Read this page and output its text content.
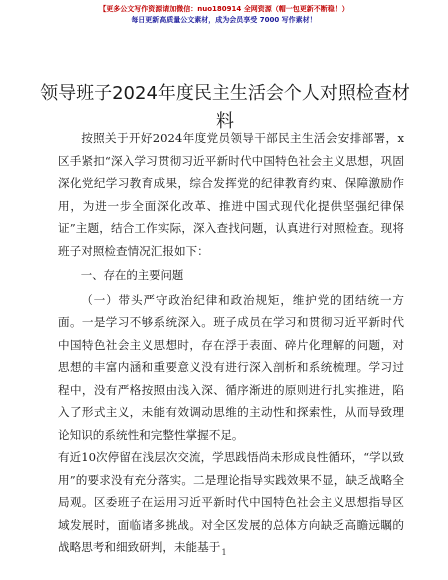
【更多公文写作资源请加微信：nuo180914 全网资源（帽一包更新不断稳！）
每日更新高质量公文素材，成为会员享受 7000 写作素材！
领导班子2024年度民主生活会个人对照检查材料

按照关于开好2024年度党员领导干部民主生活会安排部署，x区手紧扣“深入学习贯彻习近平新时代中国特色社会主义思想，巩固深化党纪学习教育成果，综合发挥党的纪律教育约束、保障激励作用，为进一步全面深化改革、推进中国式现代化提供坚强纪律保证”主题，结合工作实际，深入查找问题，认真进行对照检查。现将班子对照检查情况汇报如下：

一、存在的主要问题

（一）带头严守政治纪律和政治规矩，维护党的团结统一方面。一是学习不够系统深入。班子成员在学习和贯彻习近平新时代中国特色社会主义思想时，存在浮于表面、碎片化理解的问题，对思想的丰富内涵和重要意义没有进行深入剖析和系统梳理。学习过程中，没有严格按照由浅入深、循序渐进的原则进行扎实推进，陷入了形式主义，未能有效调动思维的主动性和探索性，从而导致理论知识的系统性和完整性掌握不足。

有近10次停留在浅层次交流，学思践悟尚未形成良性循环，“学以致用”的要求没有充分落实。二是理论指导实践效果不显，缺乏战略全局观。区委班子在运用习近平新时代中国特色社会主义思想指导区域发展时，面临诸多挑战。对全区发展的总体方向缺乏高瞻远瞩的战略思考和细致研判，未能基于 1
